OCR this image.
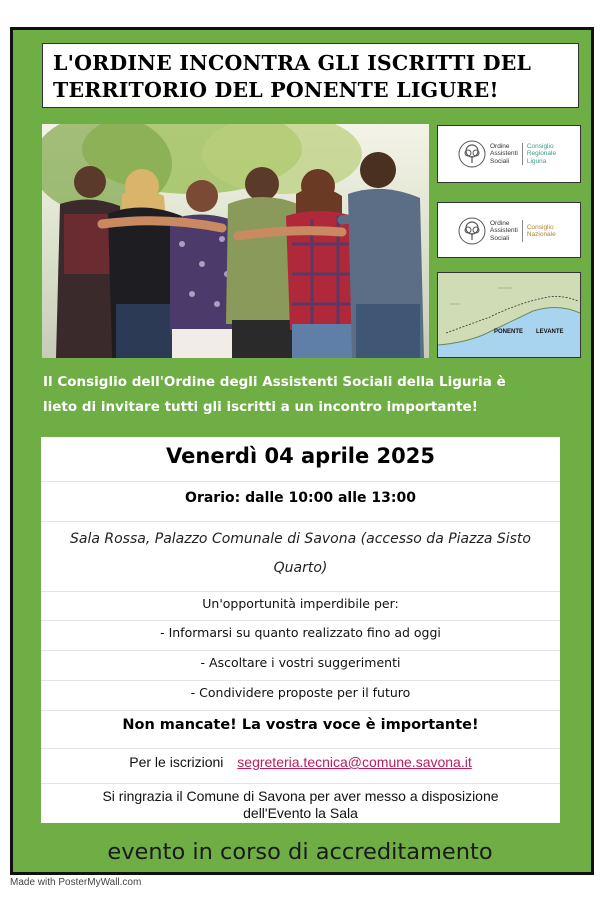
L'ORDINE INCONTRA GLI ISCRITTI DEL
TERRITORIO DEL PONENTE LIGURE!
Ordine
Assistenti
Sociali
Consiglio
Regionale
Liguria
Ordine
Assistenti
Sociali
Consiglio
Nazionale
PONENTE LEVANTE
Il Consiglio dell'Ordine degli Assistenti Sociali della Liguria è
lieto di invitare tutti gli iscritti a un incontro importante!
Venerdì 04 aprile 2025
Orario: dalle 10:00 alle 13:00
Sala Rossa, Palazzo Comunale di Savona (accesso da Piazza Sisto
Quarto)
Un'opportunità imperdibile per:
- Informarsi su quanto realizzato fino ad oggi
- Ascoltare i vostri suggerimenti
- Condividere proposte per il futuro
Non mancate! La vostra voce è importante!
Per le iscrizioni segreteria.tecnica@comune.savona.it
Si ringrazia il Comune di Savona per aver messo a disposizione
dell'Evento la Sala
evento in corso di accreditamento
Made with PosterMyWall.com
